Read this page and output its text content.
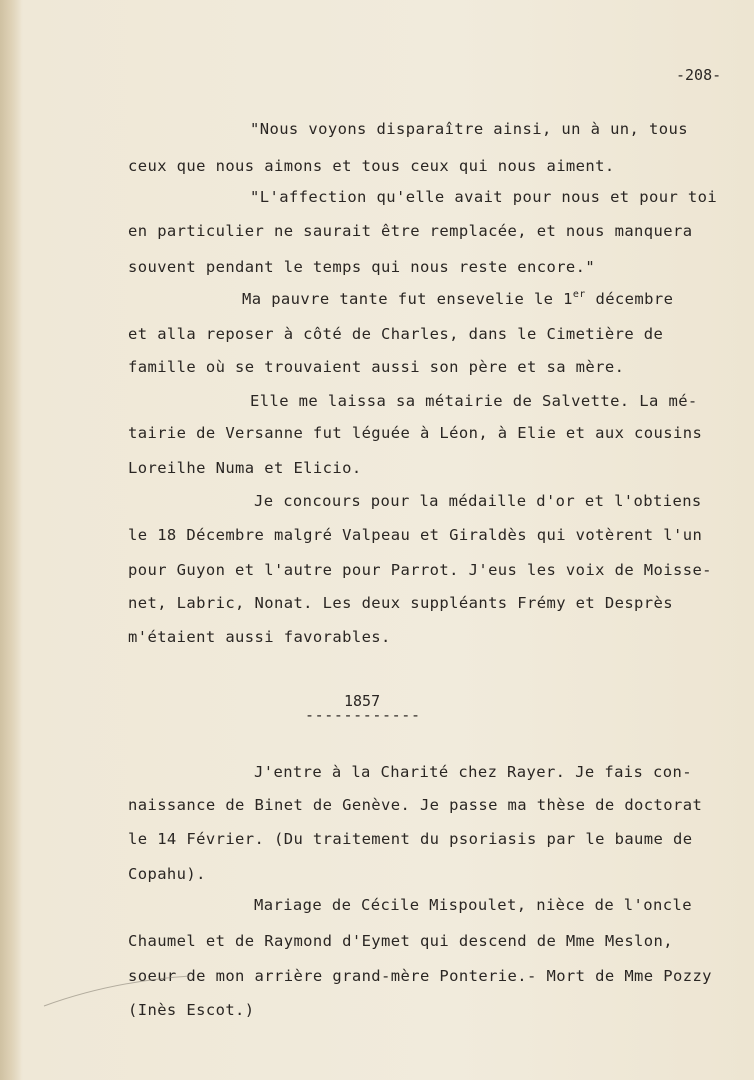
-208-
"Nous voyons disparaître ainsi, un à un, tous
ceux que nous aimons et tous ceux qui nous aiment.
"L'affection qu'elle avait pour nous et pour toi
en particulier ne saurait être remplacée, et nous manquera
souvent pendant le temps qui nous reste encore."
Ma pauvre tante fut ensevelie le 1er décembre
et alla reposer à côté de Charles, dans le Cimetière de
famille où se trouvaient aussi son père et sa mère.
Elle me laissa sa métairie de Salvette. La mé-
tairie de Versanne fut léguée à Léon, à Elie et aux cousins
Loreilhe Numa et Elicio.
Je concours pour la médaille d'or et l'obtiens
le 18 Décembre malgré Valpeau et Giraldès qui votèrent l'un
pour Guyon et l'autre pour Parrot. J'eus les voix de Moisse-
net, Labric, Nonat. Les deux suppléants Frémy et Desprès
m'étaient aussi favorables.
1857
------------
J'entre à la Charité chez Rayer. Je fais con-
naissance de Binet de Genève. Je passe ma thèse de doctorat
le 14 Février. (Du traitement du psoriasis par le baume de
Copahu).
Mariage de Cécile Mispoulet, nièce de l'oncle
Chaumel et de Raymond d'Eymet qui descend de Mme Meslon,
soeur de mon arrière grand-mère Ponterie.- Mort de Mme Pozzy
(Inès Escot.)
